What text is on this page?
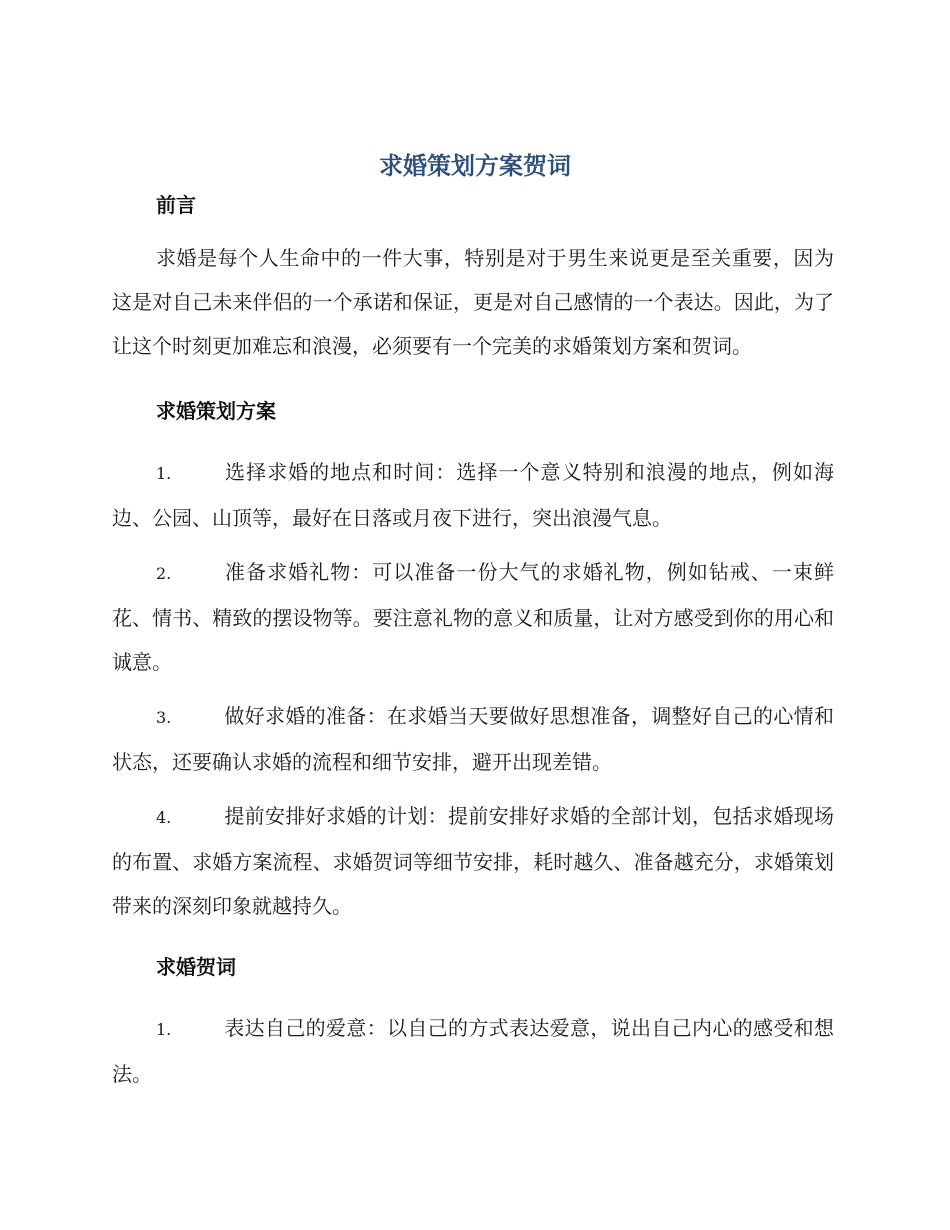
求婚策划方案贺词
前言

求婚是每个人生命中的一件大事，特别是对于男生来说更是至关重要，因为这是对自己未来伴侣的一个承诺和保证，更是对自己感情的一个表达。因此，为了让这个时刻更加难忘和浪漫，必须要有一个完美的求婚策划方案和贺词。

求婚策划方案

1.	选择求婚的地点和时间：选择一个意义特别和浪漫的地点，例如海边、公园、山顶等，最好在日落或月夜下进行，突出浪漫气息。

2.	准备求婚礼物：可以准备一份大气的求婚礼物，例如钻戒、一束鲜花、情书、精致的摆设物等。要注意礼物的意义和质量，让对方感受到你的用心和诚意。

3.	做好求婚的准备：在求婚当天要做好思想准备，调整好自己的心情和状态，还要确认求婚的流程和细节安排，避开出现差错。

4.	提前安排好求婚的计划：提前安排好求婚的全部计划，包括求婚现场的布置、求婚方案流程、求婚贺词等细节安排，耗时越久、准备越充分，求婚策划带来的深刻印象就越持久。

求婚贺词

1.	表达自己的爱意：以自己的方式表达爱意，说出自己内心的感受和想法。
